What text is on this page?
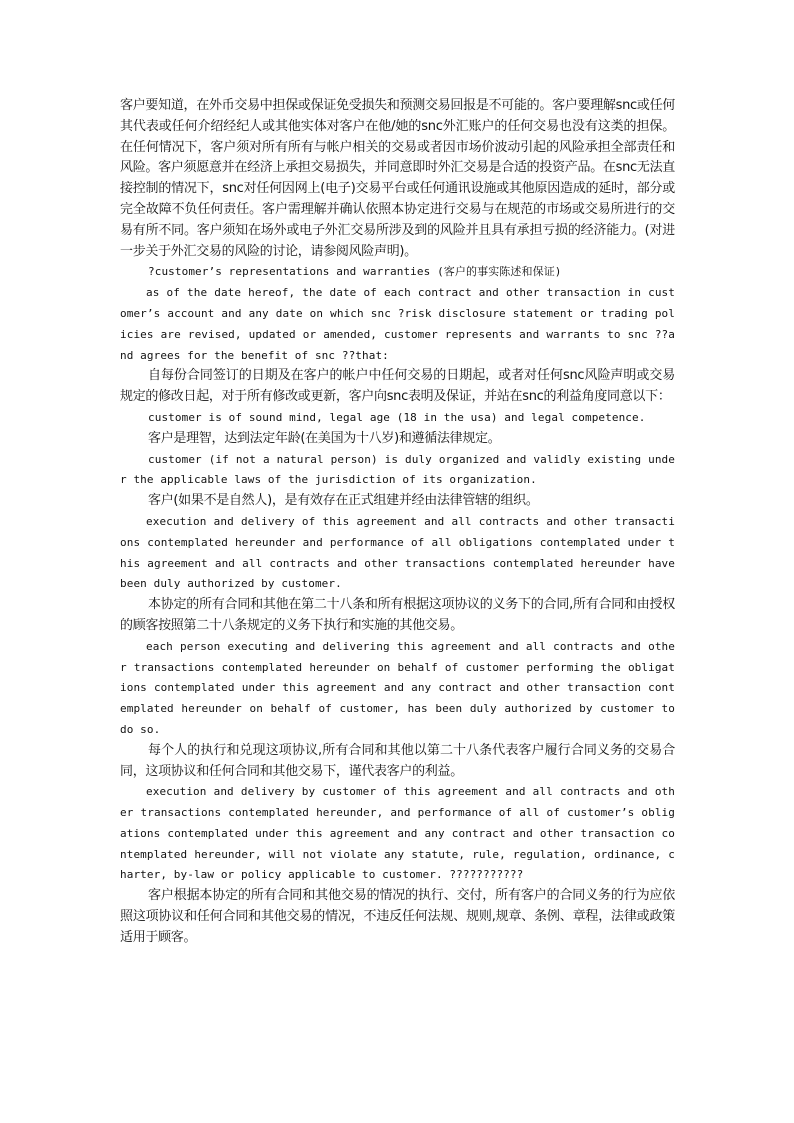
客户要知道，在外币交易中担保或保证免受损失和预测交易回报是不可能的。客户要理解snc或任何其代表或任何介绍经纪人或其他实体对客户在他/她的snc外汇账户的任何交易也没有这类的担保。在任何情况下，客户须对所有所有与帐户相关的交易或者因市场价波动引起的风险承担全部责任和风险。客户须愿意并在经济上承担交易损失，并同意即时外汇交易是合适的投资产品。在snc无法直接控制的情况下，snc对任何因网上(电子)交易平台或任何通讯设施或其他原因造成的延时，部分或完全故障不负任何责任。客户需理解并确认依照本协定进行交易与在规范的市场或交易所进行的交易有所不同。客户须知在场外或电子外汇交易所涉及到的风险并且具有承担亏损的经济能力。(对进一步关于外汇交易的风险的讨论，请参阅风险声明)。

?customer’s representations and warranties (客户的事实陈述和保证)

as of the date hereof, the date of each contract and other transaction in customer’s account and any date on which snc ?risk disclosure statement or trading policies are revised, updated or amended, customer represents and warrants to snc ??and agrees for the benefit of snc ??that:

自每份合同签订的日期及在客户的帐户中任何交易的日期起，或者对任何snc风险声明或交易规定的修改日起，对于所有修改或更新，客户向snc表明及保证，并站在snc的利益角度同意以下：

customer is of sound mind, legal age (18 in the usa) and legal competence.

客户是理智，达到法定年龄(在美国为十八岁)和遵循法律规定。

customer (if not a natural person) is duly organized and validly existing under the applicable laws of the jurisdiction of its organization.

客户(如果不是自然人)，是有效存在正式组建并经由法律管辖的组织。

execution and delivery of this agreement and all contracts and other transactions contemplated hereunder and performance of all obligations contemplated under this agreement and all contracts and other transactions contemplated hereunder have been duly authorized by customer.

本协定的所有合同和其他在第二十八条和所有根据这项协议的义务下的合同,所有合同和由授权的顾客按照第二十八条规定的义务下执行和实施的其他交易。

each person executing and delivering this agreement and all contracts and other transactions contemplated hereunder on behalf of customer performing the obligations contemplated under this agreement and any contract and other transaction contemplated hereunder on behalf of customer, has been duly authorized by customer to do so.

每个人的执行和兑现这项协议,所有合同和其他以第二十八条代表客户履行合同义务的交易合同，这项协议和任何合同和其他交易下，谨代表客户的利益。

execution and delivery by customer of this agreement and all contracts and other transactions contemplated hereunder, and performance of all of customer’s obligations contemplated under this agreement and any contract and other transaction contemplated hereunder, will not violate any statute, rule, regulation, ordinance, charter, by-law or policy applicable to customer. ???????????

客户根据本协定的所有合同和其他交易的情况的执行、交付，所有客户的合同义务的行为应依照这项协议和任何合同和其他交易的情况，不违反任何法规、规则,规章、条例、章程，法律或政策适用于顾客。
